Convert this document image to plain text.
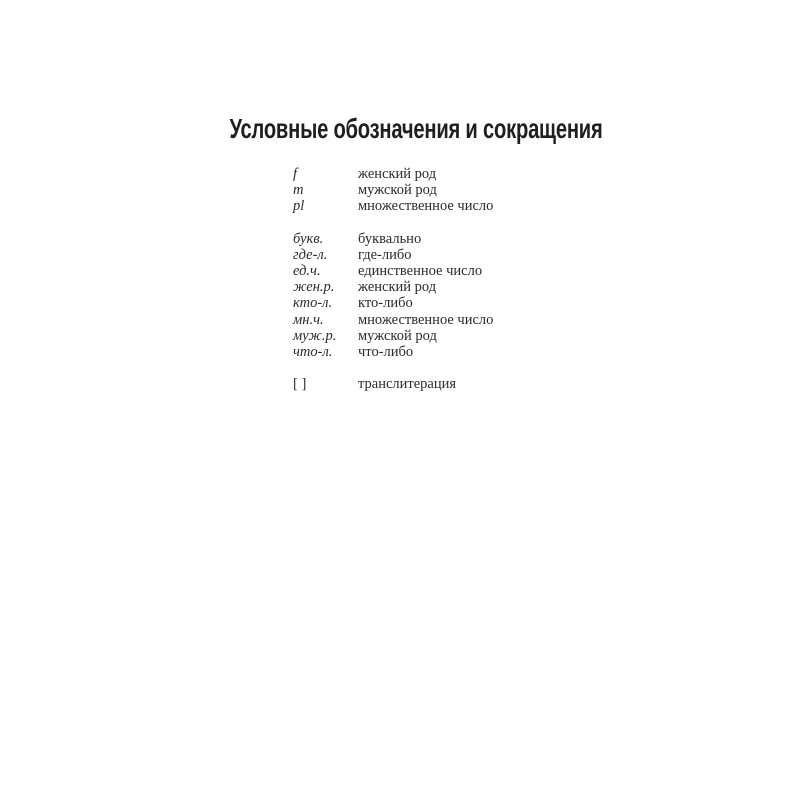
Условные обозначения и сокращения
f	женский род
m	мужской род
pl	множественное число
букв.	буквально
где-л.	где-либо
ед.ч.	единственное число
жен.р.	женский род
кто-л.	кто-либо
мн.ч.	множественное число
муж.р.	мужской род
что-л.	что-либо
[ ]	транслитерация
